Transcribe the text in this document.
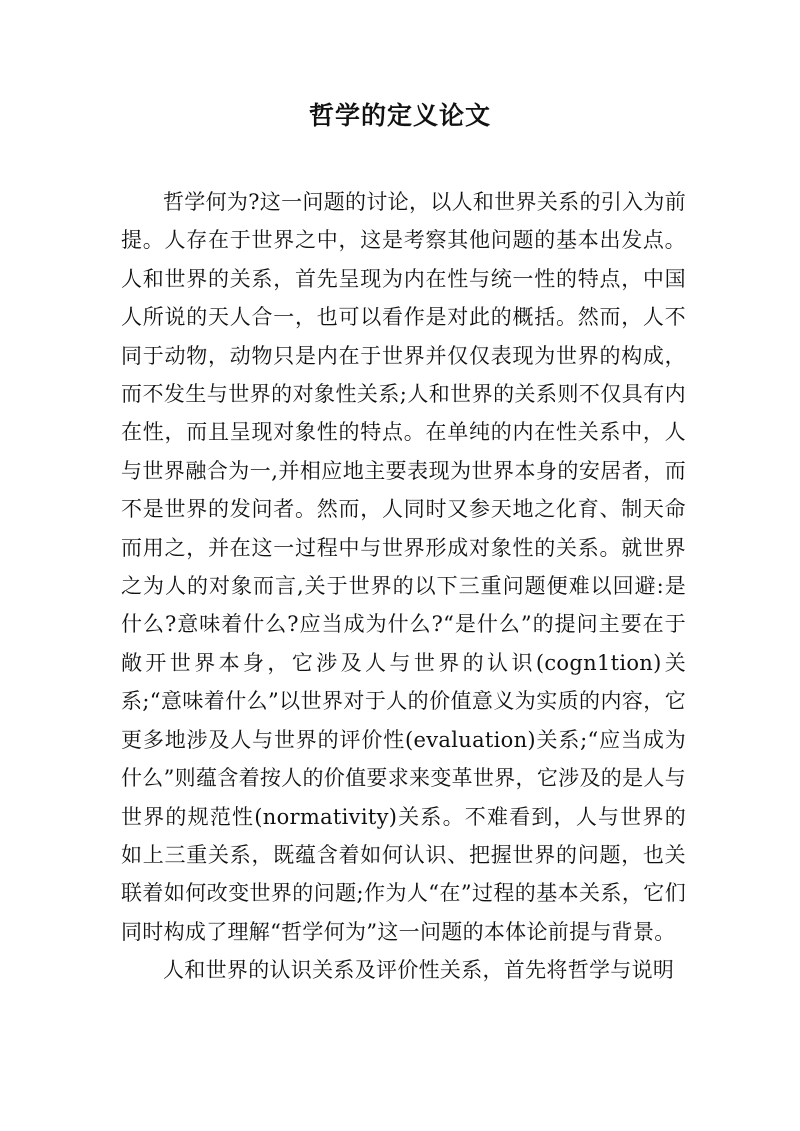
哲学的定义论文

哲学何为?这一问题的讨论，以人和世界关系的引入为前提。人存在于世界之中，这是考察其他问题的基本出发点。人和世界的关系，首先呈现为内在性与统一性的特点，中国人所说的天人合一，也可以看作是对此的概括。然而，人不同于动物，动物只是内在于世界并仅仅表现为世界的构成，而不发生与世界的对象性关系;人和世界的关系则不仅具有内在性，而且呈现对象性的特点。在单纯的内在性关系中，人与世界融合为一,并相应地主要表现为世界本身的安居者，而不是世界的发问者。然而，人同时又参天地之化育、制天命而用之，并在这一过程中与世界形成对象性的关系。就世界之为人的对象而言,关于世界的以下三重问题便难以回避:是什么?意味着什么?应当成为什么?“是什么”的提问主要在于敞开世界本身，它涉及人与世界的认识(cogn1tion)关系;“意味着什么”以世界对于人的价值意义为实质的内容，它更多地涉及人与世界的评价性(evaluation)关系;“应当成为什么”则蕴含着按人的价值要求来变革世界，它涉及的是人与世界的规范性(normativity)关系。不难看到，人与世界的如上三重关系，既蕴含着如何认识、把握世界的问题，也关联着如何改变世界的问题;作为人“在”过程的基本关系，它们同时构成了理解“哲学何为”这一问题的本体论前提与背景。

人和世界的认识关系及评价性关系，首先将哲学与说明
